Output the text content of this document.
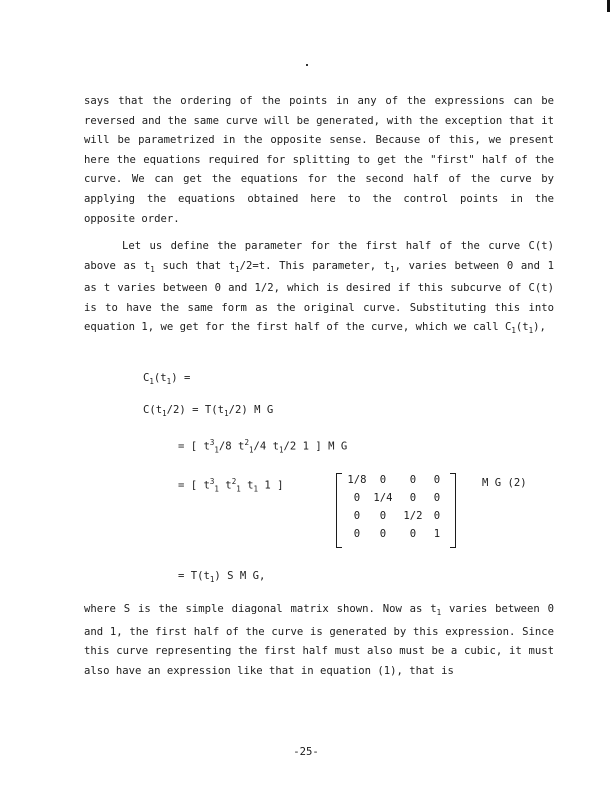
says that the ordering of the points in any of the expressions can be reversed and the same curve will be generated, with the exception that it will be parametrized in the opposite sense. Because of this, we present here the equations required for splitting to get the "first" half of the curve. We can get the equations for the second half of the curve by applying the equations obtained here to the control points in the opposite order.

Let us define the parameter for the first half of the curve C(t) above as $t_1$ such that $t_1/2=t$. This parameter, $t_1$, varies between 0 and 1 as t varies between 0 and 1/2, which is desired if this subcurve of C(t) is to have the same form as the original curve. Substituting this into equation 1, we get for the first half of the curve, which we call $C_1(t_1)$,

$C_1(t_1)$ =
$C(t_1/2) = T(t_1/2)$ M G
= [ $t^3_1/8$ $t^2_1/4$ $t_1/2$ 1 ] M G
= [ $t^3_1$ $t^2_1$ $t_1$ 1 ]	1/8	0	0	0
0	1/4	0	0
0	0	1/2	0
0	0	0	1
M G (2)
= $T(t_1)$ S M G,

where S is the simple diagonal matrix shown. Now as $t_1$ varies between 0 and 1, the first half of the curve is generated by this expression. Since this curve representing the first half must also must be a cubic, it must also have an expression like that in equation (1), that is

-25-
